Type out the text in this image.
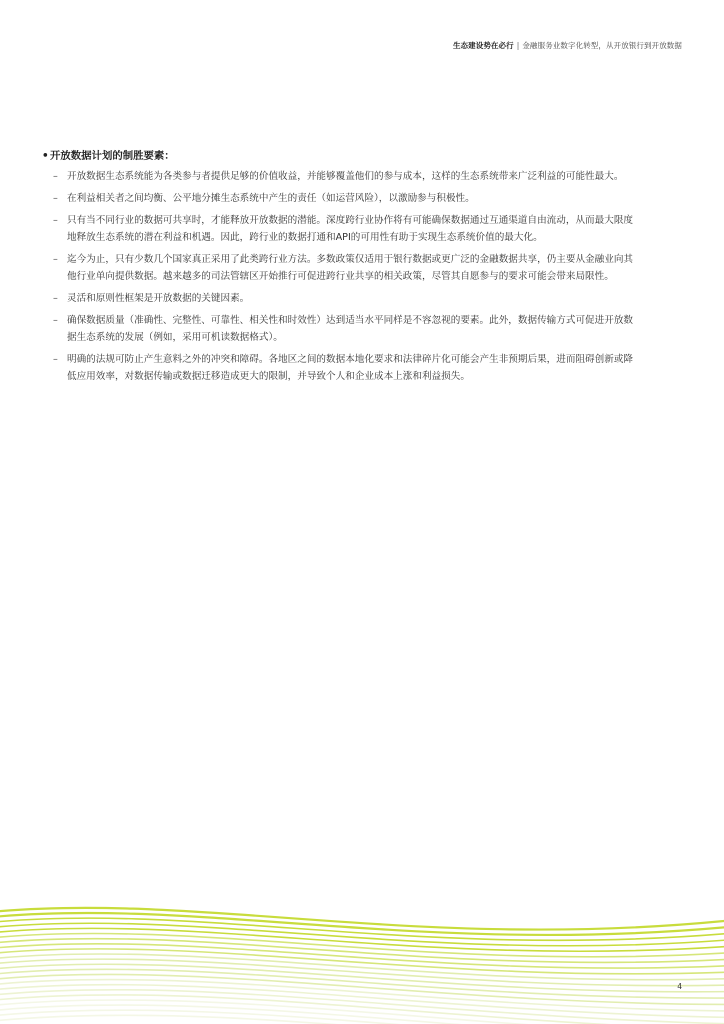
生态建设势在必行 | 金融服务业数字化转型，从开放银行到开放数据
• 开放数据计划的制胜要素：
– 开放数据生态系统能为各类参与者提供足够的价值收益，并能够覆盖他们的参与成本，这样的生态系统带来广泛利益的可能性最大。
– 在利益相关者之间均衡、公平地分摊生态系统中产生的责任（如运营风险），以激励参与积极性。
– 只有当不同行业的数据可共享时，才能释放开放数据的潜能。深度跨行业协作将有可能确保数据通过互通渠道自由流动，从而最大限度地释放生态系统的潜在利益和机遇。因此，跨行业的数据打通和API的可用性有助于实现生态系统价值的最大化。
– 迄今为止，只有少数几个国家真正采用了此类跨行业方法。多数政策仅适用于银行数据或更广泛的金融数据共享，仍主要从金融业向其他行业单向提供数据。越来越多的司法管辖区开始推行可促进跨行业共享的相关政策，尽管其自愿参与的要求可能会带来局限性。
– 灵活和原则性框架是开放数据的关键因素。
– 确保数据质量（准确性、完整性、可靠性、相关性和时效性）达到适当水平同样是不容忽视的要素。此外，数据传输方式可促进开放数据生态系统的发展（例如，采用可机读数据格式）。
– 明确的法规可防止产生意料之外的冲突和障碍。各地区之间的数据本地化要求和法律碎片化可能会产生非预期后果，进而阻碍创新或降低应用效率，对数据传输或数据迁移造成更大的限制，并导致个人和企业成本上涨和利益损失。
4
